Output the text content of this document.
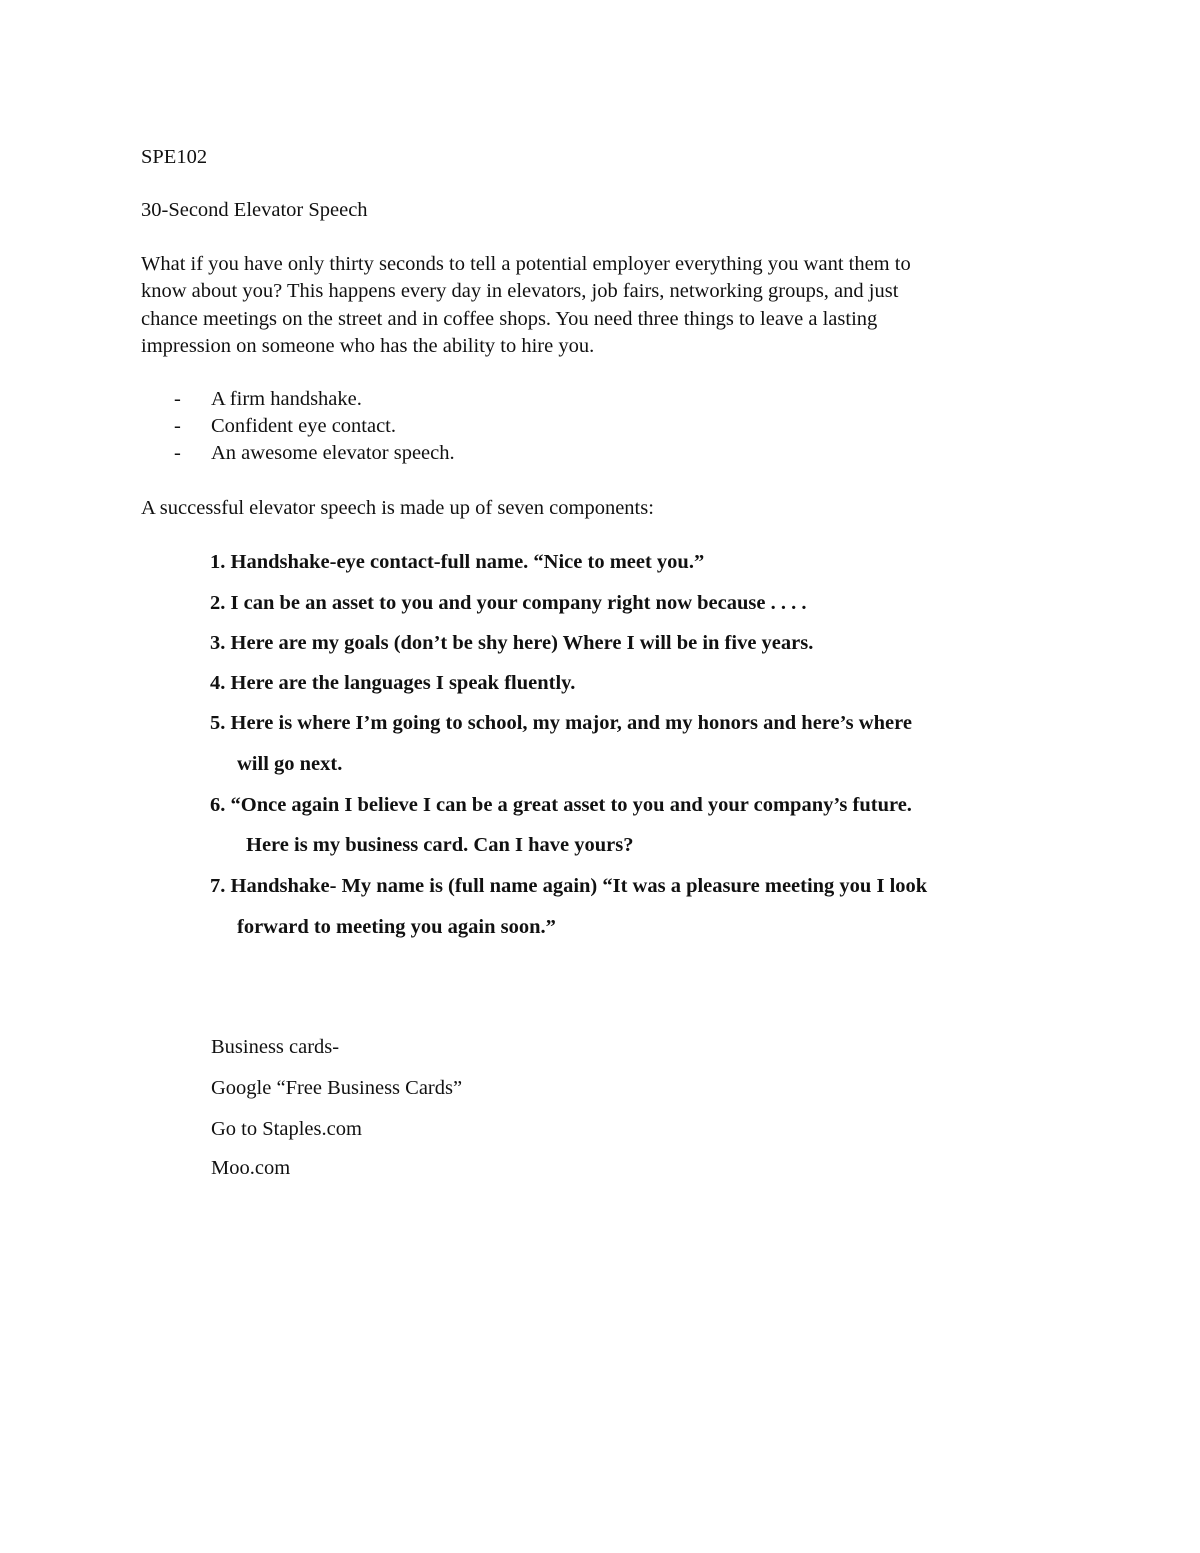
SPE102
30-Second Elevator Speech
What if you have only thirty seconds to tell a potential employer everything you want them to
know about you? This happens every day in elevators, job fairs, networking groups, and just
chance meetings on the street and in coffee shops. You need three things to leave a lasting
impression on someone who has the ability to hire you.
- A firm handshake.
- Confident eye contact.
- An awesome elevator speech.
A successful elevator speech is made up of seven components:
1. Handshake-eye contact-full name. “Nice to meet you.”
2. I can be an asset to you and your company right now because . . . .
3. Here are my goals (don’t be shy here) Where I will be in five years.
4. Here are the languages I speak fluently.
5. Here is where I’m going to school, my major, and my honors and here’s where
will go next.
6. “Once again I believe I can be a great asset to you and your company’s future.
Here is my business card. Can I have yours?
7. Handshake- My name is (full name again) “It was a pleasure meeting you I look
forward to meeting you again soon.”
Business cards-
Google “Free Business Cards”
Go to Staples.com
Moo.com
